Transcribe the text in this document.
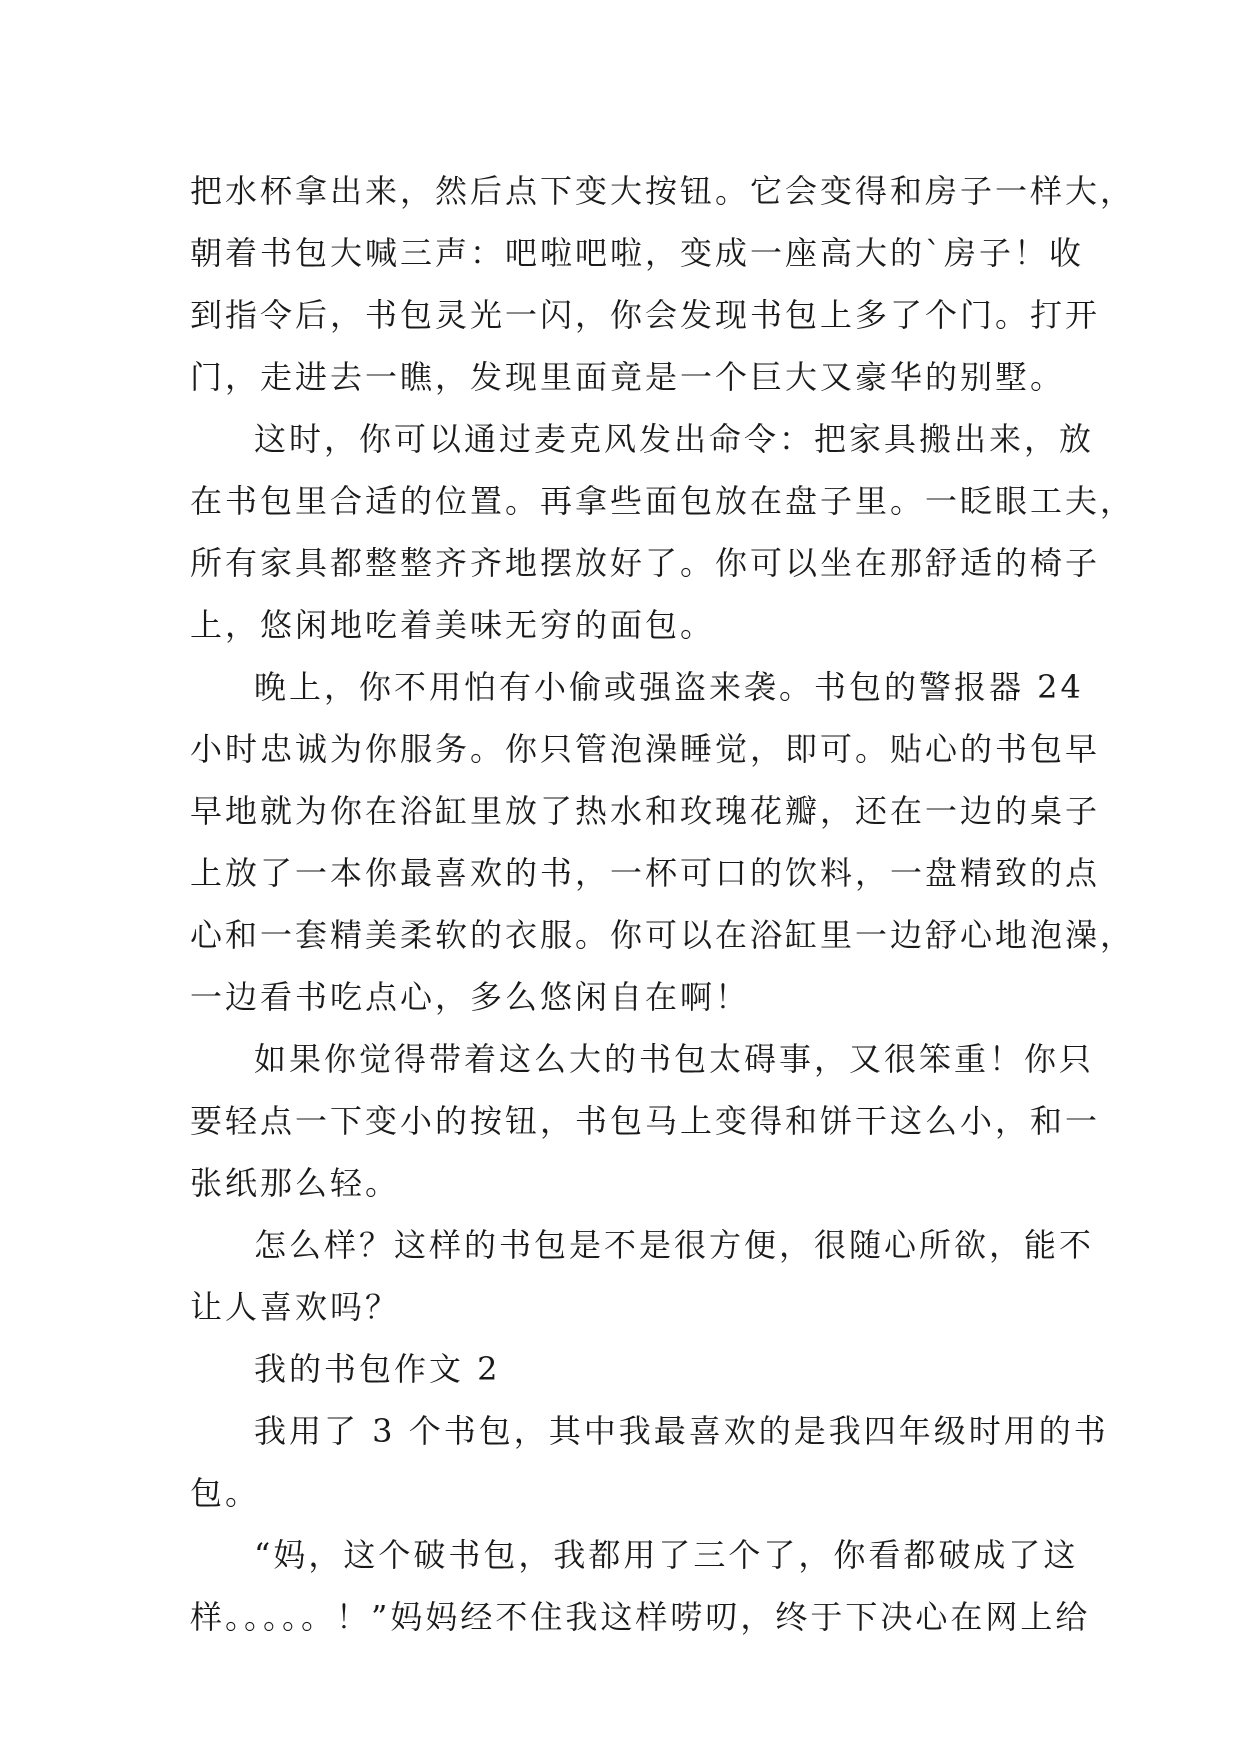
把水杯拿出来，然后点下变大按钮。它会变得和房子一样大，
朝着书包大喊三声：吧啦吧啦，变成一座高大的`房子！收
到指令后，书包灵光一闪，你会发现书包上多了个门。打开
门，走进去一瞧，发现里面竟是一个巨大又豪华的别墅。
这时，你可以通过麦克风发出命令：把家具搬出来，放
在书包里合适的位置。再拿些面包放在盘子里。一眨眼工夫，
所有家具都整整齐齐地摆放好了。你可以坐在那舒适的椅子
上，悠闲地吃着美味无穷的面包。
晚上，你不用怕有小偷或强盗来袭。书包的警报器 24
小时忠诚为你服务。你只管泡澡睡觉，即可。贴心的书包早
早地就为你在浴缸里放了热水和玫瑰花瓣，还在一边的桌子
上放了一本你最喜欢的书，一杯可口的饮料，一盘精致的点
心和一套精美柔软的衣服。你可以在浴缸里一边舒心地泡澡，
一边看书吃点心，多么悠闲自在啊！
如果你觉得带着这么大的书包太碍事，又很笨重！你只
要轻点一下变小的按钮，书包马上变得和饼干这么小，和一
张纸那么轻。
怎么样？这样的书包是不是很方便，很随心所欲，能不
让人喜欢吗？
我的书包作文 2
我用了 3 个书包，其中我最喜欢的是我四年级时用的书
包。
“妈，这个破书包，我都用了三个了，你看都破成了这
样。。。。。！”妈妈经不住我这样唠叨，终于下决心在网上给
